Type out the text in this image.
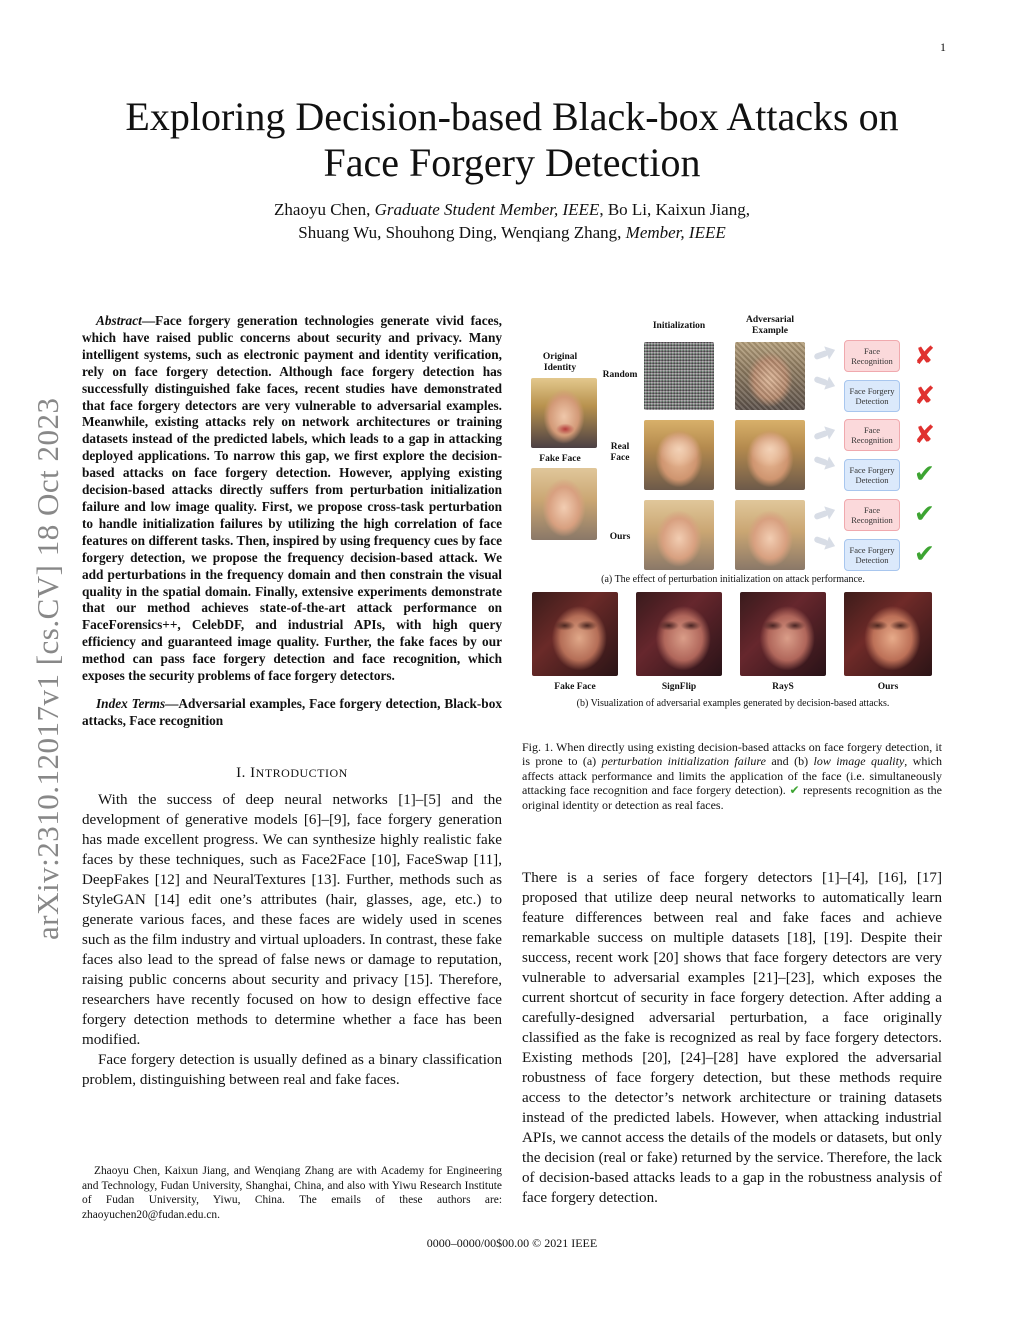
1
arXiv:2310.12017v1 [cs.CV] 18 Oct 2023
Exploring Decision-based Black-box Attacks on
Face Forgery Detection
Zhaoyu Chen, Graduate Student Member, IEEE, Bo Li, Kaixun Jiang,
Shuang Wu, Shouhong Ding, Wenqiang Zhang, Member, IEEE

Abstract—Face forgery generation technologies generate vivid faces, which have raised public concerns about security and privacy. Many intelligent systems, such as electronic payment and identity verification, rely on face forgery detection. Although face forgery detection has successfully distinguished fake faces, recent studies have demonstrated that face forgery detectors are very vulnerable to adversarial examples. Meanwhile, existing attacks rely on network architectures or training datasets instead of the predicted labels, which leads to a gap in attacking deployed applications. To narrow this gap, we first explore the decision-based attacks on face forgery detection. However, applying existing decision-based attacks directly suffers from perturbation initialization failure and low image quality. First, we propose cross-task perturbation to handle initialization failures by utilizing the high correlation of face features on different tasks. Then, inspired by using frequency cues by face forgery detection, we propose the frequency decision-based attack. We add perturbations in the frequency domain and then constrain the visual quality in the spatial domain. Finally, extensive experiments demonstrate that our method achieves state-of-the-art attack performance on FaceForensics++, CelebDF, and industrial APIs, with high query efficiency and guaranteed image quality. Further, the fake faces by our method can pass face forgery detection and face recognition, which exposes the security problems of face forgery detectors.

Index Terms—Adversarial examples, Face forgery detection, Black-box attacks, Face recognition
I. INTRODUCTION

With the success of deep neural networks [1]–[5] and the development of generative models [6]–[9], face forgery generation has made excellent progress. We can synthesize highly realistic fake faces by these techniques, such as Face2Face [10], FaceSwap [11], DeepFakes [12] and NeuralTextures [13]. Further, methods such as StyleGAN [14] edit one’s attributes (hair, glasses, age, etc.) to generate various faces, and these faces are widely used in scenes such as the film industry and virtual uploaders. In contrast, these fake faces also lead to the spread of false news or damage to reputation, raising public concerns about security and privacy [15]. Therefore, researchers have recently focused on how to design effective face forgery detection methods to determine whether a face has been modified.

Face forgery detection is usually defined as a binary classification problem, distinguishing between real and fake faces.

Zhaoyu Chen, Kaixun Jiang, and Wenqiang Zhang are with Academy for Engineering and Technology, Fudan University, Shanghai, China, and also with Yiwu Research Institute of Fudan University, Yiwu, China. The emails of these authors are: zhaoyuchen20@fudan.edu.cn.
Initialization
Adversarial Example
Original Identity
Random
Real Face
Fake Face
Ours
Face Recognition
Face Forgery Detection
Face Recognition
Face Forgery Detection
Face Recognition
Face Forgery Detection
✘
✘
✘
✔
✔
✔
(a) The effect of perturbation initialization on attack performance.
Fake Face	SignFlip	RayS	Ours
(b) Visualization of adversarial examples generated by decision-based attacks.
Fig. 1. When directly using existing decision-based attacks on face forgery detection, it is prone to (a) perturbation initialization failure and (b) low image quality, which affects attack performance and limits the application of the face (i.e. simultaneously attacking face recognition and face forgery detection). ✔ represents recognition as the original identity or detection as real faces.

There is a series of face forgery detectors [1]–[4], [16], [17] proposed that utilize deep neural networks to automatically learn feature differences between real and fake faces and achieve remarkable success on multiple datasets [18], [19]. Despite their success, recent work [20] shows that face forgery detectors are very vulnerable to adversarial examples [21]–[23], which exposes the current shortcut of security in face forgery detection. After adding a carefully-designed adversarial perturbation, a face originally classified as the fake is recognized as real by face forgery detectors. Existing methods [20], [24]–[28] have explored the adversarial robustness of face forgery detection, but these methods require access to the detector’s network architecture or training datasets instead of the predicted labels. However, when attacking industrial APIs, we cannot access the details of the models or datasets, but only the decision (real or fake) returned by the service. Therefore, the lack of decision-based attacks leads to a gap in the robustness analysis of face forgery detection.

0000–0000/00$00.00 © 2021 IEEE
